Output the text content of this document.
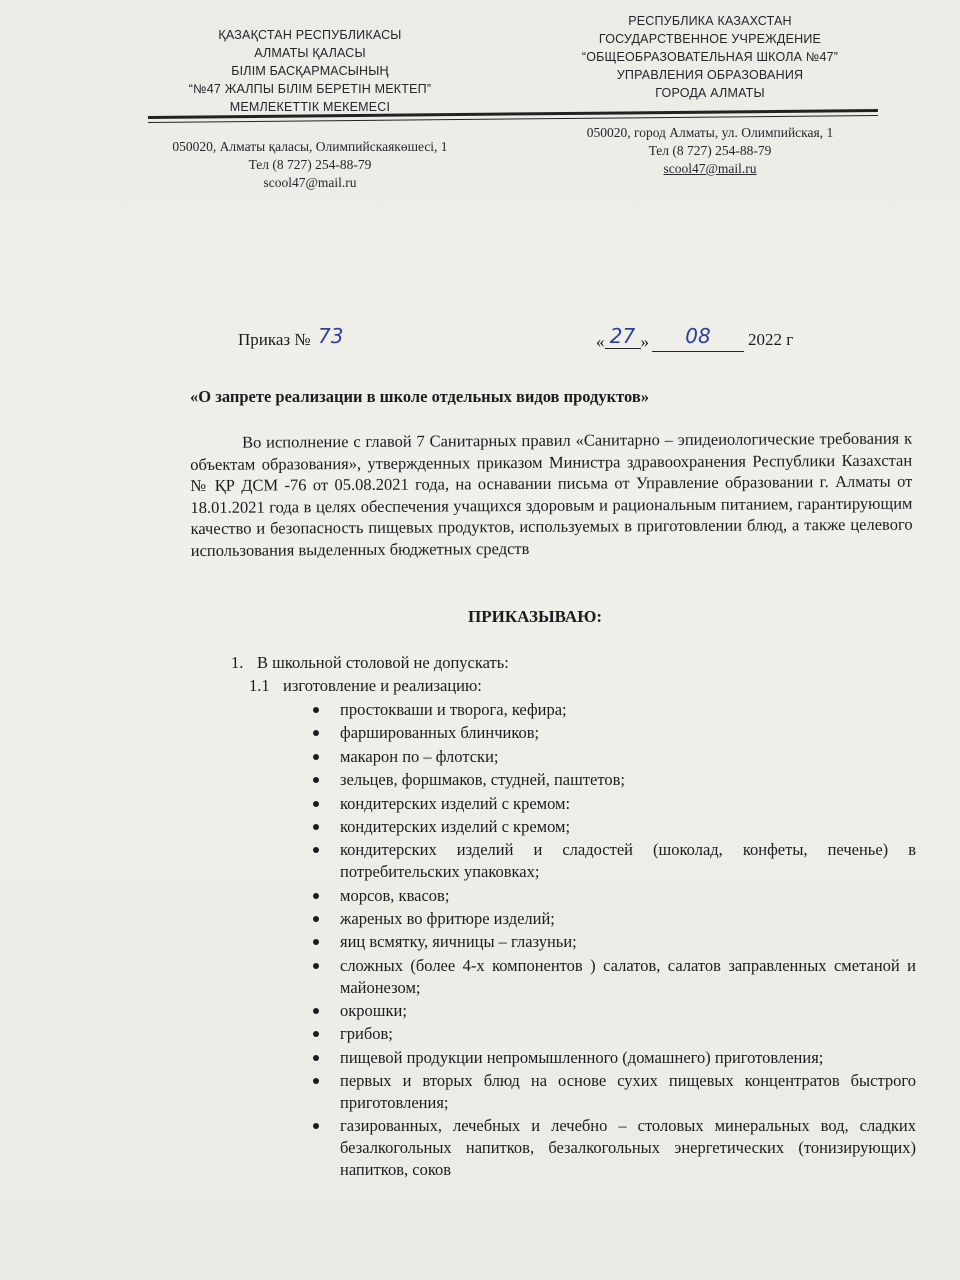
ҚАЗАҚСТАН РЕСПУБЛИКАСЫ
АЛМАТЫ ҚАЛАСЫ
БІЛІМ БАСҚАРМАСЫНЫҢ
“№47 ЖАЛПЫ БІЛІМ БЕРЕТІН МЕКТЕП”
МЕМЛЕКЕТТІК МЕКЕМЕСІ
РЕСПУБЛИКА КАЗАХСТАН
ГОСУДАРСТВЕННОЕ УЧРЕЖДЕНИЕ
“ОБЩЕОБРАЗОВАТЕЛЬНАЯ ШКОЛА №47”
УПРАВЛЕНИЯ ОБРАЗОВАНИЯ
ГОРОДА АЛМАТЫ
050020, Алматы қаласы, Олимпийскаякөшесі, 1
Тел (8 727) 254-88-79
scool47@mail.ru
050020, город Алматы, ул. Олимпийская, 1
Тел (8 727) 254-88-79
scool47@mail.ru
Приказ № 73	« 27 »	08	2022 г
«О запрете реализации в школе отдельных видов продуктов»
Во исполнение с главой 7 Санитарных правил «Санитарно – эпидеиологические требования к объектам образования», утвержденных приказом Министра здравоохранения Республики Казахстан № ҚР ДСМ -76 от 05.08.2021 года, на оснавании письма от Управление образовании г. Алматы от 18.01.2021 года в целях обеспечения учащихся здоровым и рациональным питанием, гарантирующим качество и безопасность пищевых продуктов, используемых в приготовлении блюд, а также целевого использования выделенных бюджетных средств
ПРИКАЗЫВАЮ:
1. В школьной столовой не допускать:
1.1 изготовление и реализацию:
простокваши и творога, кефира;
фаршированных блинчиков;
макарон по – флотски;
зельцев, форшмаков, студней, паштетов;
кондитерских изделий с кремом:
кондитерских изделий с кремом;
кондитерских изделий и сладостей (шоколад, конфеты, печенье) в потребительских упаковках;
морсов, квасов;
жареных во фритюре изделий;
яиц всмятку, яичницы – глазуньи;
сложных (более 4-х компонентов ) салатов, салатов заправленных сметаной и майонезом;
окрошки;
грибов;
пищевой продукции непромышленного (домашнего) приготовления;
первых и вторых блюд на основе сухих пищевых концентратов быстрого приготовления;
газированных, лечебных и лечебно – столовых минеральных вод, сладких безалкогольных напитков, безалкогольных энергетических (тонизирующих) напитков, соков
